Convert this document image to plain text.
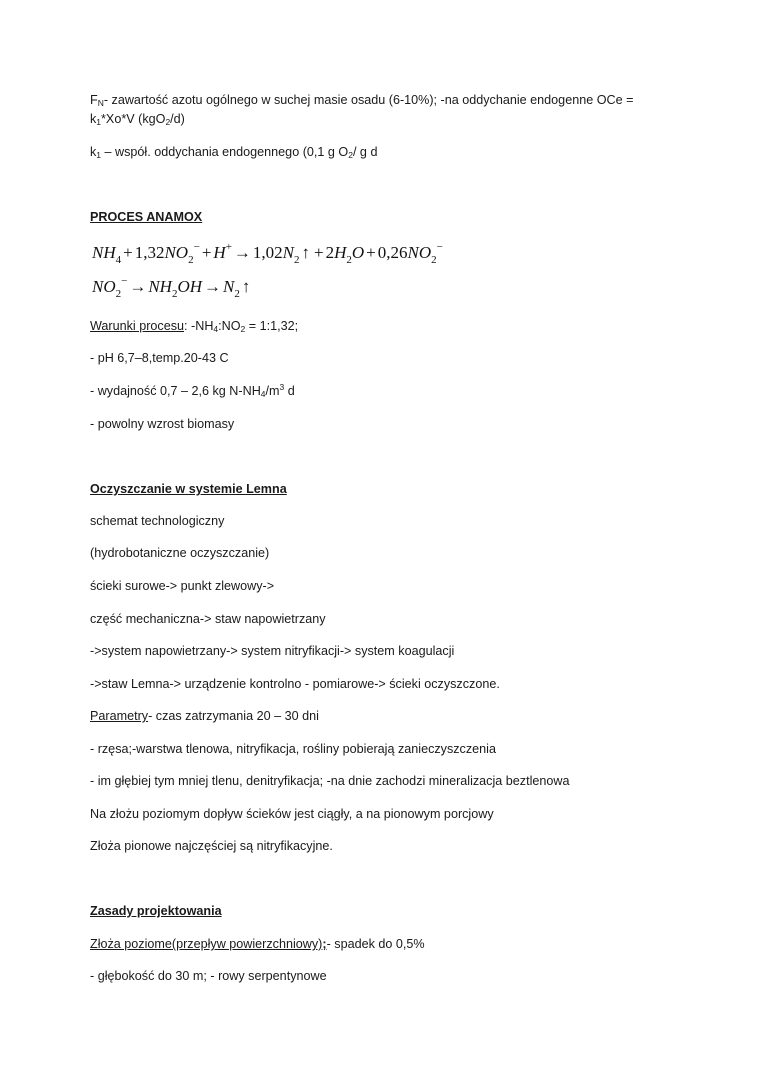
$F_N-$ zawartość azotu ogólnego w suchej masie osadu (6-10%); -na oddychanie endogenne OCe =
$k_1*Xo*V$ (kgO$_2$/d)
$k_1$ – współ. oddychania endogennego (0,1 g $O_2/$ g d
PROCES ANAMOX
$NH_4 + 1,32NO_2^- + H^+ \to 1,02N_2$ ↑ + $2H_2O + 0,26NO_2^-$
$NO_2^- \to NH_2OH \to N_2$ ↑
Warunki procesu: $-NH_4:NO_2$ = 1:1,32;
- pH 6,7–8,temp.20-43 C
- wydajność 0,7 – 2,6 kg $N-NH_4/m^3$ d
- powolny wzrost biomasy
Oczyszczanie w systemie Lemna
schemat technologiczny
(hydrobotaniczne oczyszczanie)
ścieki surowe-> punkt zlewowy->
część mechaniczna-> staw napowietrzany
->system napowietrzany-> system nitryfikacji-> system koagulacji
->staw Lemna-> urządzenie kontrolno - pomiarowe-> ścieki oczyszczone.
Parametry- czas zatrzymania 20 – 30 dni
- rzęsa;-warstwa tlenowa, nitryfikacja, rośliny pobierają zanieczyszczenia
- im głębiej tym mniej tlenu, denitryfikacja; -na dnie zachodzi mineralizacja beztlenowa
Na złożu poziomym dopływ ścieków jest ciągły, a na pionowym porcjowy
Złoża pionowe najczęściej są nitryfikacyjne.
Zasady projektowania
Złoża poziome(przepływ powierzchniowy);- spadek do 0,5%
- głębokość do 30 m; - rowy serpentynowe
